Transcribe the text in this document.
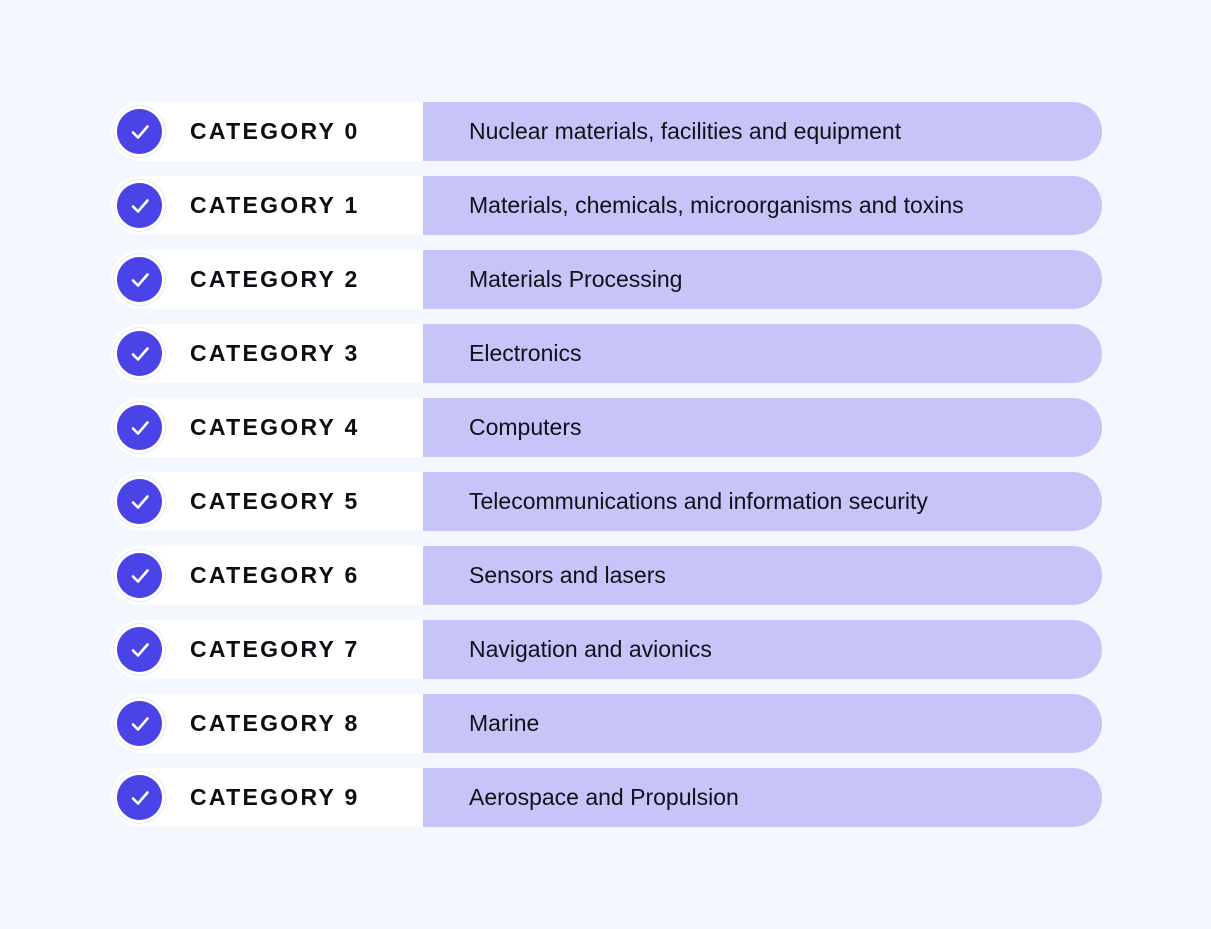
CATEGORY 0	Nuclear materials, facilities and equipment
CATEGORY 1	Materials, chemicals, microorganisms and toxins
CATEGORY 2	Materials Processing
CATEGORY 3	Electronics
CATEGORY 4	Computers
CATEGORY 5	Telecommunications and information security
CATEGORY 6	Sensors and lasers
CATEGORY 7	Navigation and avionics
CATEGORY 8	Marine
CATEGORY 9	Aerospace and Propulsion
